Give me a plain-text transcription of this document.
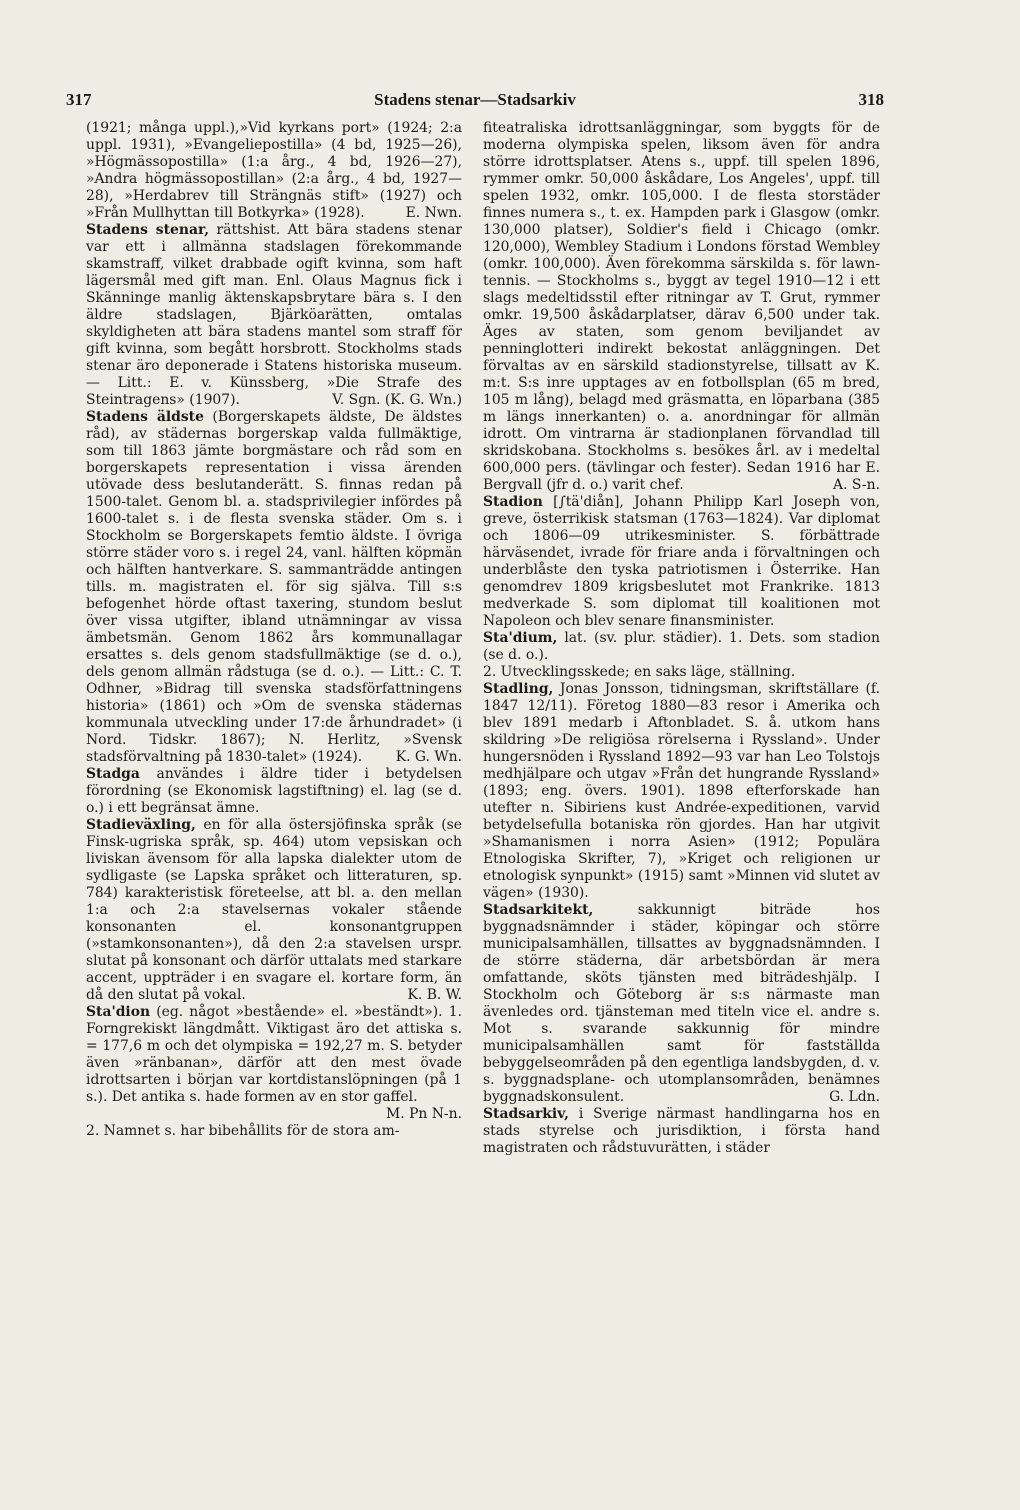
317	Stadens stenar—Stadsarkiv	318

(1921; många uppl.),»Vid kyrkans port» (1924; 2:a uppl. 1931), »Evangeliepostilla» (4 bd, 1925—26), »Högmässopostilla» (1:a årg., 4 bd, 1926—27), »Andra högmässopostillan» (2:a årg., 4 bd, 1927—28), »Herdabrev till Strängnäs stift» (1927) och »Från Mullhyttan till Botkyrka» (1928).	E. Nwn.

Stadens stenar, rättshist. Att bära stadens stenar var ett i allmänna stadslagen förekommande skamstraff, vilket drabbade ogift kvinna, som haft lägersmål med gift man. Enl. Olaus Magnus fick i Skänninge manlig äktenskapsbrytare bära s. I den äldre stadslagen, Bjärköarätten, omtalas skyldigheten att bära stadens mantel som straff för gift kvinna, som begått horsbrott. Stockholms stads stenar äro deponerade i Statens historiska museum. — Litt.: E. v. Künssberg, »Die Strafe des Steintragens» (1907).	V. Sgn. (K. G. Wn.)

Stadens äldste (Borgerskapets äldste, De äldstes råd), av städernas borgerskap valda fullmäktige, som till 1863 jämte borgmästare och råd som en borgerskapets representation i vissa ärenden utövade dess beslutanderätt. S. finnas redan på 1500-talet. Genom bl. a. stadsprivilegier infördes på 1600-talet s. i de flesta svenska städer. Om s. i Stockholm se Borgerskapets femtio äldste. I övriga större städer voro s. i regel 24, vanl. hälften köpmän och hälften hantverkare. S. sammanträdde antingen tills. m. magistraten el. för sig själva. Till s:s befogenhet hörde oftast taxering, stundom beslut över vissa utgifter, ibland utnämningar av vissa ämbetsmän. Genom 1862 års kommunallagar ersattes s. dels genom stadsfullmäktige (se d. o.), dels genom allmän rådstuga (se d. o.). — Litt.: C. T. Odhner, »Bidrag till svenska stadsförfattningens historia» (1861) och »Om de svenska städernas kommunala utveckling under 17:de århundradet» (i Nord. Tidskr. 1867); N. Herlitz, »Svensk stadsförvaltning på 1830-talet» (1924). K. G. Wn.

Stadga användes i äldre tider i betydelsen förordning (se Ekonomisk lagstiftning) el. lag (se d. o.) i ett begränsat ämne.

Stadieväxling, en för alla östersjöfinska språk (se Finsk-ugriska språk, sp. 464) utom vepsiskan och liviskan ävensom för alla lapska dialekter utom de sydligaste (se Lapska språket och litteraturen, sp. 784) karakteristisk företeelse, att bl. a. den mellan 1:a och 2:a stavelsernas vokaler stående konsonanten el. konsonantgruppen (»stamkonsonanten»), då den 2:a stavelsen urspr. slutat på konsonant och därför uttalats med starkare accent, uppträder i en svagare el. kortare form, än då den slutat på vokal.	K. B. W.

Sta'dion (eg. något »bestående» el. »beständt»). 1. Forngrekiskt längdmått. Viktigast äro det attiska s. = 177,6 m och det olympiska = 192,27 m. S. betyder även »ränbanan», därför att den mest övade idrottsarten i början var kortdistanslöpningen (på 1 s.). Det antika s. hade formen av en stor gaffel.
M. Pn N-n.

2. Namnet s. har bibehållits för de stora am-

fiteatraliska idrottsanläggningar, som byggts för de moderna olympiska spelen, liksom även för andra större idrottsplatser. Atens s., uppf. till spelen 1896, rymmer omkr. 50,000 åskådare, Los Angeles', uppf. till spelen 1932, omkr. 105,000. I de flesta storstäder finnes numera s., t. ex. Hampden park i Glasgow (omkr. 130,000 platser), Soldier's field i Chicago (omkr. 120,000), Wembley Stadium i Londons förstad Wembley (omkr. 100,000). Även förekomma särskilda s. för lawn-tennis. — Stockholms s., byggt av tegel 1910—12 i ett slags medeltidsstil efter ritningar av T. Grut, rymmer omkr. 19,500 åskådarplatser, därav 6,500 under tak. Äges av staten, som genom beviljandet av penninglotteri indirekt bekostat anläggningen. Det förvaltas av en särskild stadionstyrelse, tillsatt av K. m:t. S:s inre upptages av en fotbollsplan (65 m bred, 105 m lång), belagd med gräsmatta, en löparbana (385 m längs innerkanten) o. a. anordningar för allmän idrott. Om vintrarna är stadionplanen förvandlad till skridskobana. Stockholms s. besökes årl. av i medeltal 600,000 pers. (tävlingar och fester). Sedan 1916 har E. Bergvall (jfr d. o.) varit chef.	A. S-n.

Stadion [∫tä'diån], Johann Philipp Karl Joseph von, greve, österrikisk statsman (1763—1824). Var diplomat och 1806—09 utrikesminister. S. förbättrade härväsendet, ivrade för friare anda i förvaltningen och underblåste den tyska patriotismen i Österrike. Han genomdrev 1809 krigsbeslutet mot Frankrike. 1813 medverkade S. som diplomat till koalitionen mot Napoleon och blev senare finansminister.

Sta'dium, lat. (sv. plur. städier). 1. Dets. som stadion (se d. o.).

2. Utvecklingsskede; en saks läge, ställning.

Stadling, Jonas Jonsson, tidningsman, skriftställare (f. 1847 12/11). Företog 1880—83 resor i Amerika och blev 1891 medarb i Aftonbladet. S. å. utkom hans skildring »De religiösa rörelserna i Ryssland». Under hungersnöden i Ryssland 1892—93 var han Leo Tolstojs medhjälpare och utgav »Från det hungrande Ryssland» (1893; eng. övers. 1901). 1898 efterforskade han utefter n. Sibiriens kust Andrée-expeditionen, varvid betydelsefulla botaniska rön gjordes. Han har utgivit »Shamanismen i norra Asien» (1912; Populära Etnologiska Skrifter, 7), »Kriget och religionen ur etnologisk synpunkt» (1915) samt »Minnen vid slutet av vägen» (1930).

Stadsarkitekt, sakkunnigt biträde hos byggnadsnämnder i städer, köpingar och större municipalsamhällen, tillsattes av byggnadsnämnden. I de större städerna, där arbetsbördan är mera omfattande, sköts tjänsten med biträdeshjälp. I Stockholm och Göteborg är s:s närmaste man ävenledes ord. tjänsteman med titeln vice el. andre s. Mot s. svarande sakkunnig för mindre municipalsamhällen samt för fastställda bebyggelseområden på den egentliga landsbygden, d. v. s. byggnadsplane- och utomplansområden, benämnes byggnadskonsulent.	G. Ldn.

Stadsarkiv, i Sverige närmast handlingarna hos en stads styrelse och jurisdiktion, i första hand magistraten och rådstuvurätten, i städer
